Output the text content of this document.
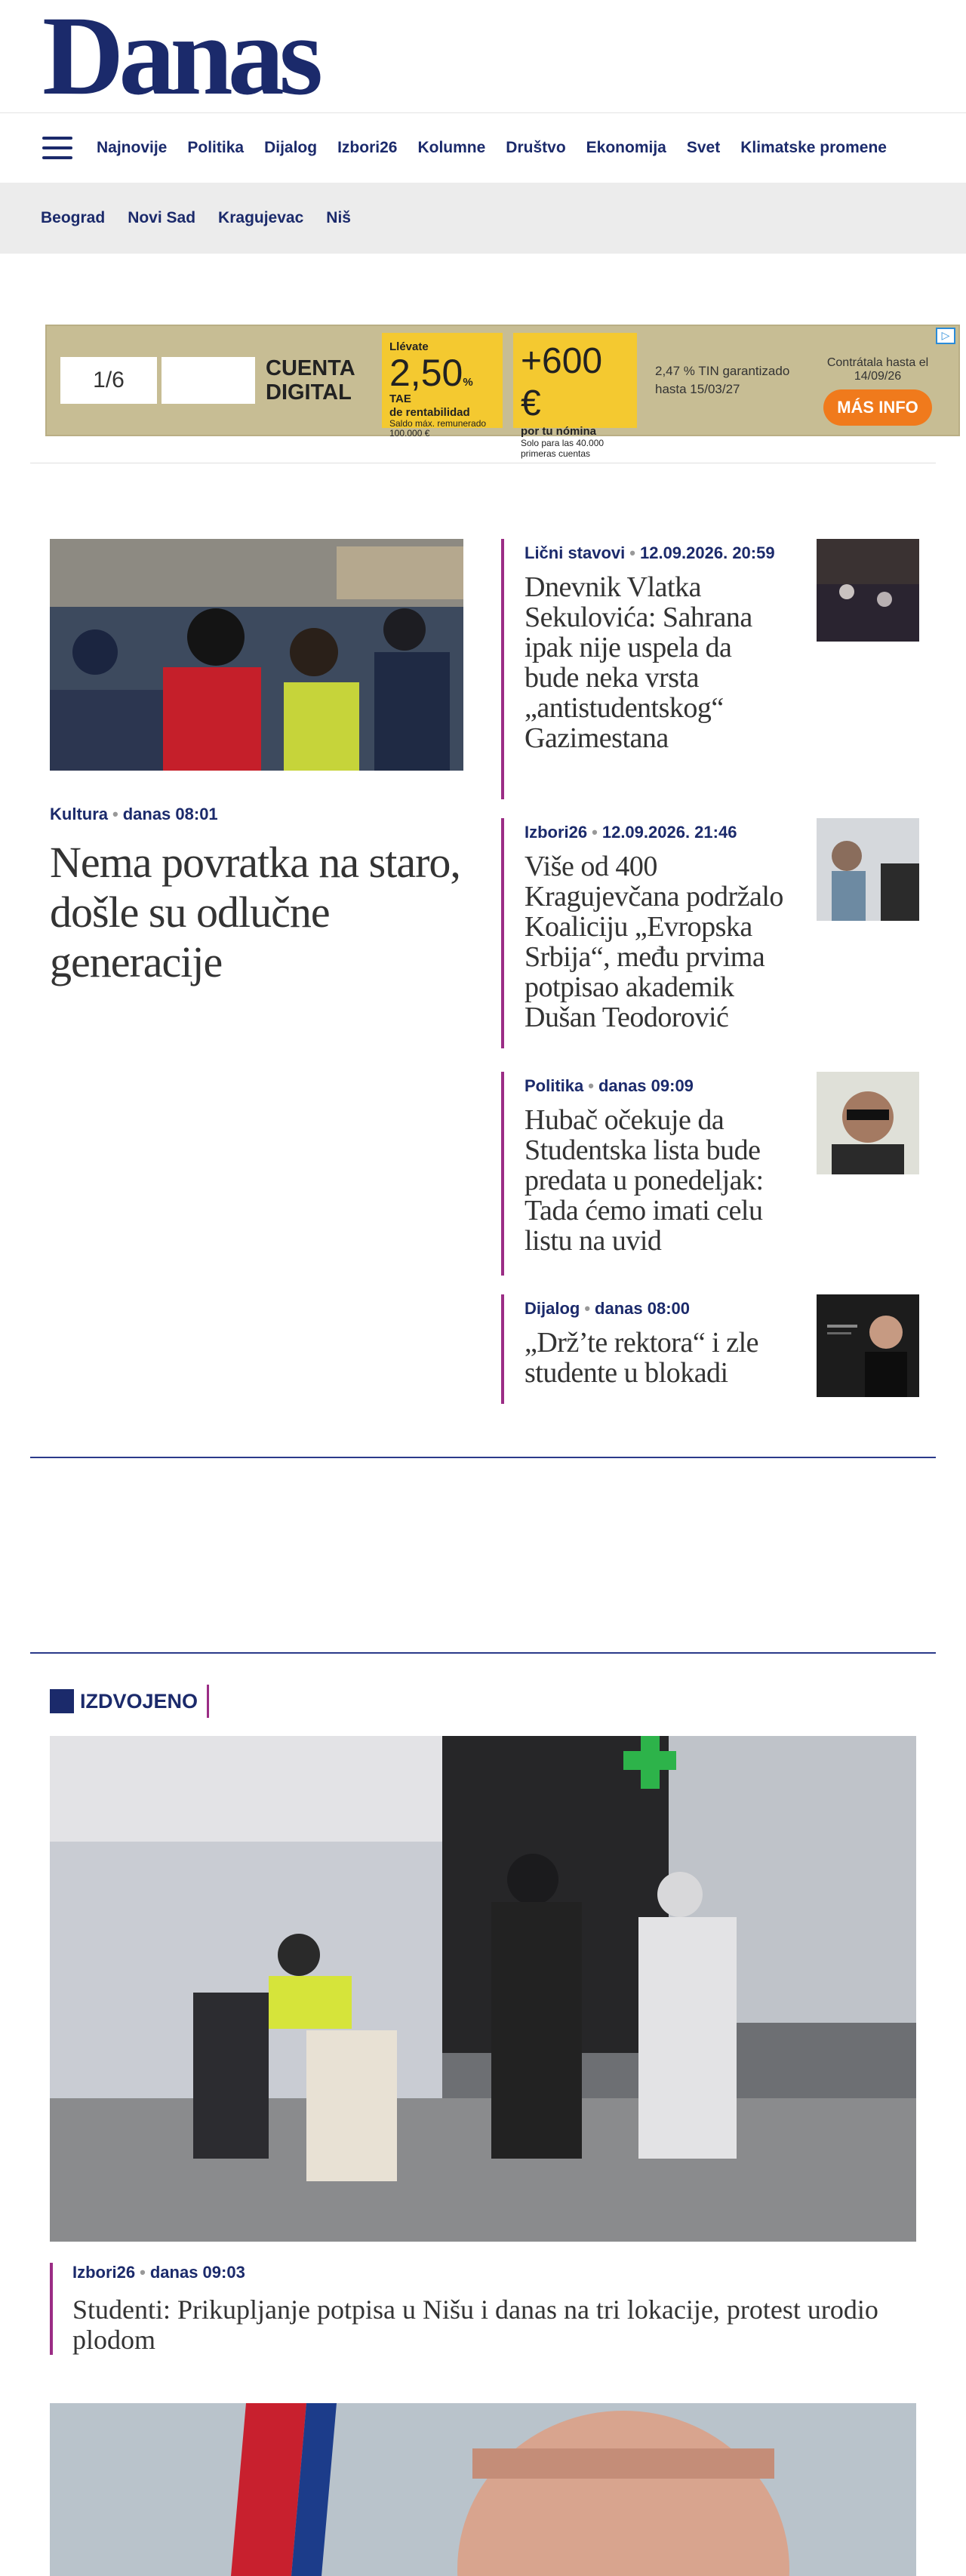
Danas
Najnovije Politika Dijalog Izbori26 Kolumne Društvo Ekonomija Svet Klimatske promene
Beograd Novi Sad Kragujevac Niš
1/6
	CUENTA DIGITAL
Llévate
2,50% TAE
de rentabilidad
Saldo máx. remunerado 100.000 €
+600 €
por tu nómina
Solo para las 40.000 primeras cuentas
2,47 % TIN garantizado hasta 15/03/27

Contrátala hasta el 14/09/26
MÁS INFO
▷
Kultura • danas 08:01
Nema povratka na staro, došle su odlučne generacije
Lični stavovi • 12.09.2026. 20:59
Dnevnik Vlatka Sekulovića: Sahrana ipak nije uspela da bude neka vrsta „antistudentskog“ Gazimestana
Izbori26 • 12.09.2026. 21:46
Više od 400 Kragujevčana podržalo Koaliciju „Evropska Srbija“, među prvima potpisao akademik Dušan Teodorović
Politika • danas 09:09
Hubač očekuje da Studentska lista bude predata u ponedeljak: Tada ćemo imati celu listu na uvid
Dijalog • danas 08:00
„Drž’te rektora“ i zle studente u blokadi
IZDVOJENO
Izbori26 • danas 09:03
Studenti: Prikupljanje potpisa u Nišu i danas na tri lokacije, protest urodio plodom
